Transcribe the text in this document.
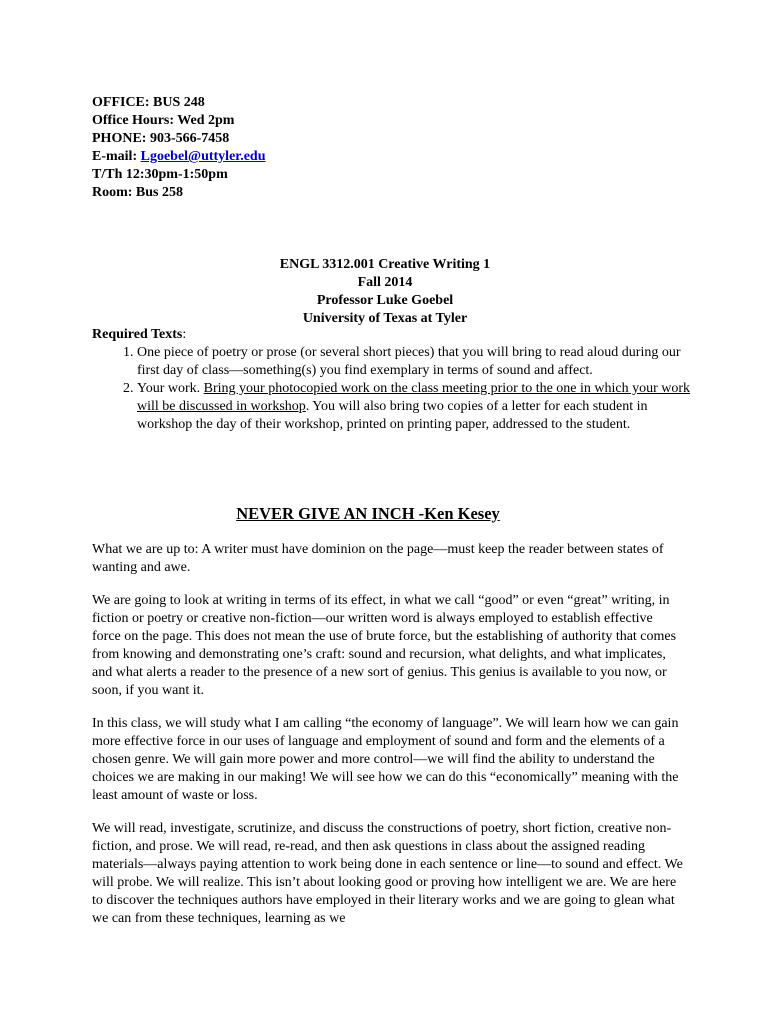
OFFICE: BUS 248
Office Hours: Wed 2pm
PHONE: 903-566-7458
E-mail: Lgoebel@uttyler.edu
T/Th 12:30pm-1:50pm
Room: Bus 258
ENGL 3312.001 Creative Writing 1
Fall 2014
Professor Luke Goebel
University of Texas at Tyler
Required Texts:
1. One piece of poetry or prose (or several short pieces) that you will bring to read aloud during our first day of class—something(s) you find exemplary in terms of sound and affect.
2. Your work. Bring your photocopied work on the class meeting prior to the one in which your work will be discussed in workshop. You will also bring two copies of a letter for each student in workshop the day of their workshop, printed on printing paper, addressed to the student.
NEVER GIVE AN INCH -Ken Kesey

What we are up to: A writer must have dominion on the page—must keep the reader between states of wanting and awe.

We are going to look at writing in terms of its effect, in what we call “good” or even “great” writing, in fiction or poetry or creative non-fiction—our written word is always employed to establish effective force on the page. This does not mean the use of brute force, but the establishing of authority that comes from knowing and demonstrating one’s craft: sound and recursion, what delights, and what implicates, and what alerts a reader to the presence of a new sort of genius. This genius is available to you now, or soon, if you want it.

In this class, we will study what I am calling “the economy of language”. We will learn how we can gain more effective force in our uses of language and employment of sound and form and the elements of a chosen genre. We will gain more power and more control—we will find the ability to understand the choices we are making in our making! We will see how we can do this “economically” meaning with the least amount of waste or loss.

We will read, investigate, scrutinize, and discuss the constructions of poetry, short fiction, creative non-fiction, and prose. We will read, re-read, and then ask questions in class about the assigned reading materials—always paying attention to work being done in each sentence or line—to sound and effect. We will probe. We will realize. This isn’t about looking good or proving how intelligent we are. We are here to discover the techniques authors have employed in their literary works and we are going to glean what we can from these techniques, learning as we
